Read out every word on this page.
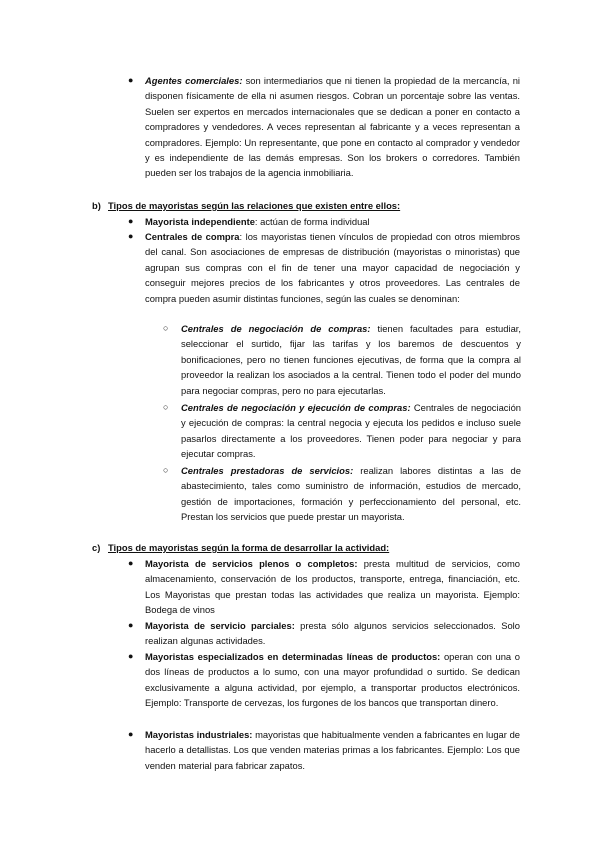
● Agentes comerciales: son intermediarios que ni tienen la propiedad de la mercancía, ni disponen físicamente de ella ni asumen riesgos. Cobran un porcentaje sobre las ventas. Suelen ser expertos en mercados internacionales que se dedican a poner en contacto a compradores y vendedores. A veces representan al fabricante y a veces representan a compradores. Ejemplo: Un representante, que pone en contacto al comprador y vendedor y es independiente de las demás empresas. Son los brokers o corredores. También pueden ser los trabajos de la agencia inmobiliaria.

b) Tipos de mayoristas según las relaciones que existen entre ellos:
● Mayorista independiente: actúan de forma individual

● Centrales de compra: los mayoristas tienen vínculos de propiedad con otros miembros del canal. Son asociaciones de empresas de distribución (mayoristas o minoristas) que agrupan sus compras con el fin de tener una mayor capacidad de negociación y conseguir mejores precios de los fabricantes y otros proveedores. Las centrales de compra pueden asumir distintas funciones, según las cuales se denominan:

○ Centrales de negociación de compras: tienen facultades para estudiar, seleccionar el surtido, fijar las tarifas y los baremos de descuentos y bonificaciones, pero no tienen funciones ejecutivas, de forma que la compra al proveedor la realizan los asociados a la central. Tienen todo el poder del mundo para negociar compras, pero no para ejecutarlas.

○ Centrales de negociación y ejecución de compras: Centrales de negociación y ejecución de compras: la central negocia y ejecuta los pedidos e incluso suele pasarlos directamente a los proveedores. Tienen poder para negociar y para ejecutar compras.

○ Centrales prestadoras de servicios: realizan labores distintas a las de abastecimiento, tales como suministro de información, estudios de mercado, gestión de importaciones, formación y perfeccionamiento del personal, etc. Prestan los servicios que puede prestar un mayorista.

c) Tipos de mayoristas según la forma de desarrollar la actividad:
● Mayorista de servicios plenos o completos: presta multitud de servicios, como almacenamiento, conservación de los productos, transporte, entrega, financiación, etc. Los Mayoristas que prestan todas las actividades que realiza un mayorista. Ejemplo: Bodega de vinos

● Mayorista de servicio parciales: presta sólo algunos servicios seleccionados. Solo realizan algunas actividades.

● Mayoristas especializados en determinadas líneas de productos: operan con una o dos líneas de productos a lo sumo, con una mayor profundidad o surtido. Se dedican exclusivamente a alguna actividad, por ejemplo, a transportar productos electrónicos. Ejemplo: Transporte de cervezas, los furgones de los bancos que transportan dinero.

● Mayoristas industriales: mayoristas que habitualmente venden a fabricantes en lugar de hacerlo a detallistas. Los que venden materias primas a los fabricantes. Ejemplo: Los que venden material para fabricar zapatos.
